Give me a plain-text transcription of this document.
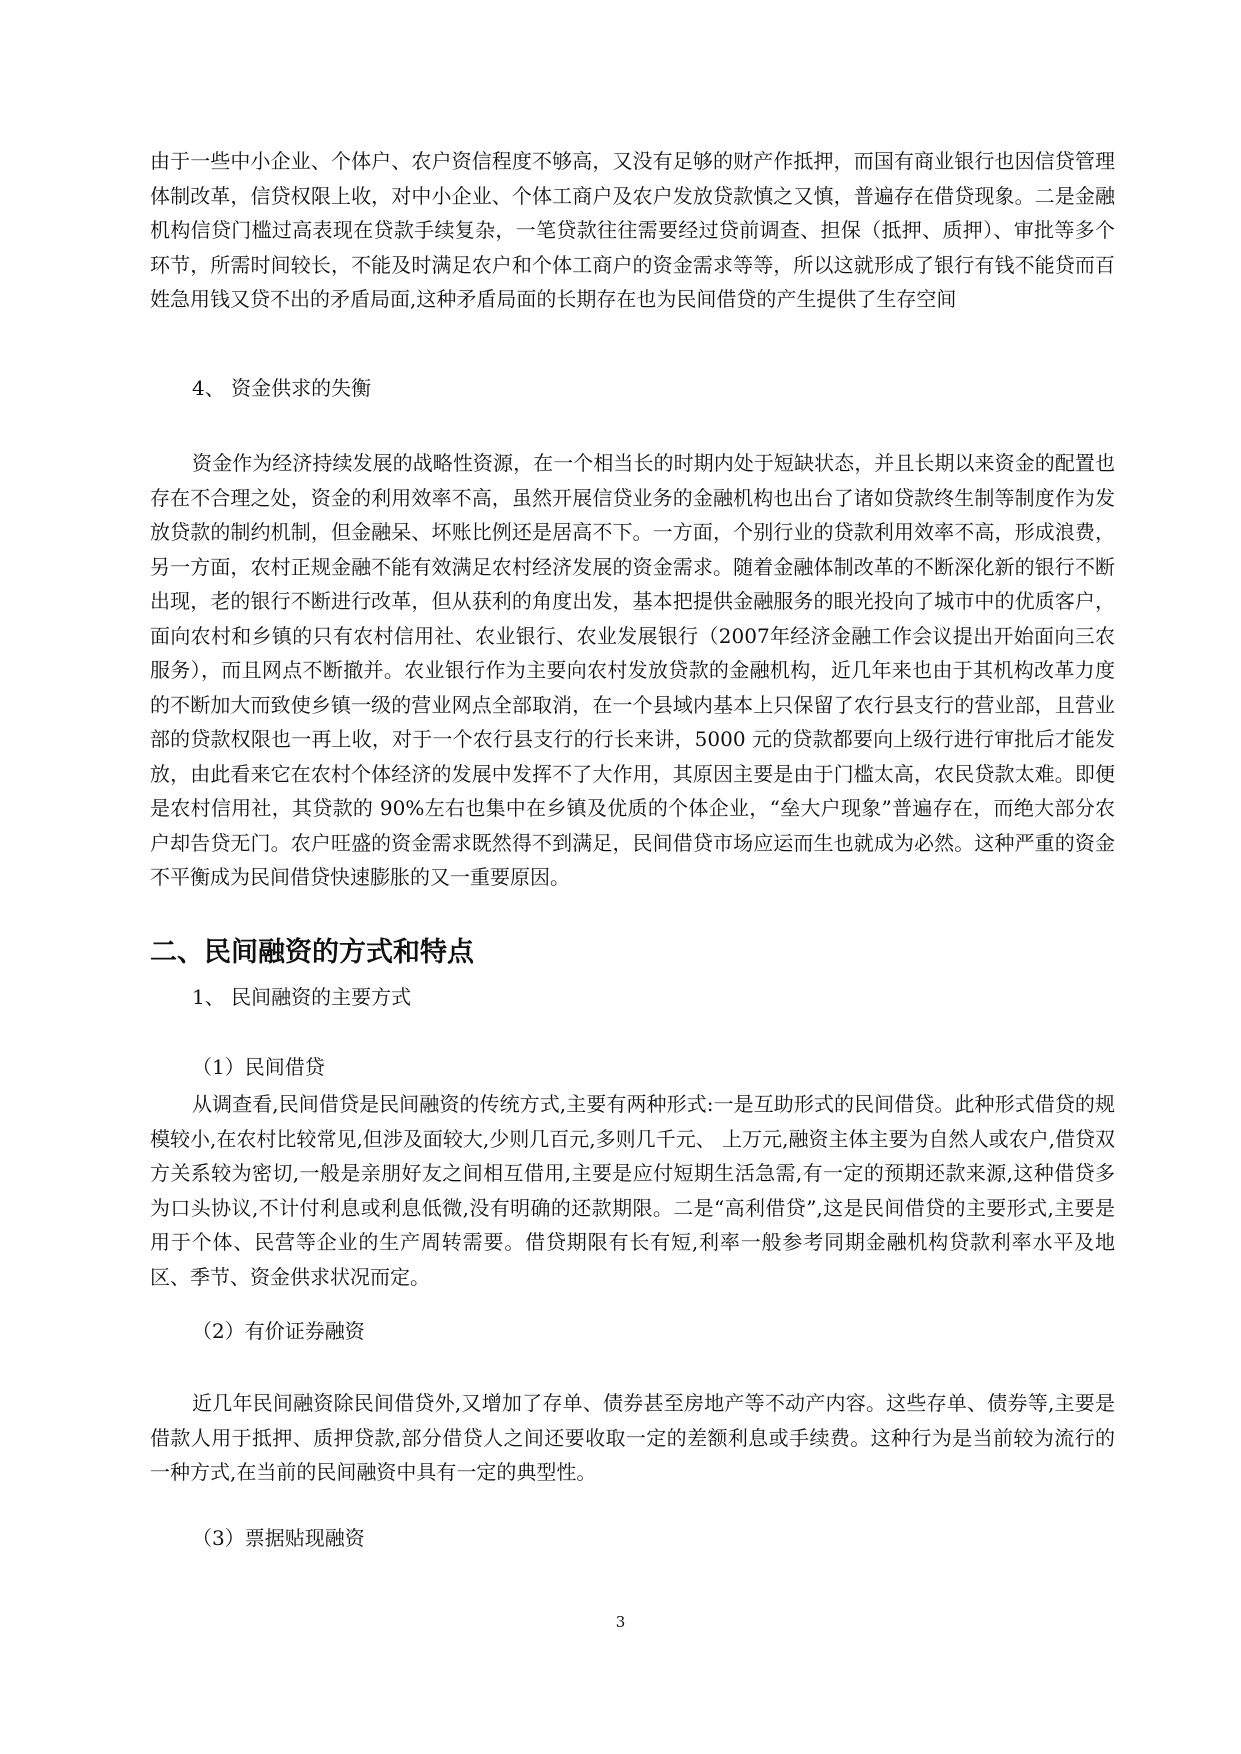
由于一些中小企业、个体户、农户资信程度不够高，又没有足够的财产作抵押，而国有商业银行也因信贷管理体制改革，信贷权限上收，对中小企业、个体工商户及农户发放贷款慎之又慎，普遍存在借贷现象。二是金融机构信贷门槛过高表现在贷款手续复杂，一笔贷款往往需要经过贷前调查、担保（抵押、质押）、审批等多个环节，所需时间较长，不能及时满足农户和个体工商户的资金需求等等，所以这就形成了银行有钱不能贷而百姓急用钱又贷不出的矛盾局面,这种矛盾局面的长期存在也为民间借贷的产生提供了生存空间

4、 资金供求的失衡

资金作为经济持续发展的战略性资源，在一个相当长的时期内处于短缺状态，并且长期以来资金的配置也存在不合理之处，资金的利用效率不高，虽然开展信贷业务的金融机构也出台了诸如贷款终生制等制度作为发放贷款的制约机制，但金融呆、坏账比例还是居高不下。一方面，个别行业的贷款利用效率不高，形成浪费，另一方面，农村正规金融不能有效满足农村经济发展的资金需求。随着金融体制改革的不断深化新的银行不断出现，老的银行不断进行改革，但从获利的角度出发，基本把提供金融服务的眼光投向了城市中的优质客户，面向农村和乡镇的只有农村信用社、农业银行、农业发展银行（2007年经济金融工作会议提出开始面向三农服务），而且网点不断撤并。农业银行作为主要向农村发放贷款的金融机构，近几年来也由于其机构改革力度的不断加大而致使乡镇一级的营业网点全部取消，在一个县域内基本上只保留了农行县支行的营业部，且营业部的贷款权限也一再上收，对于一个农行县支行的行长来讲，5000 元的贷款都要向上级行进行审批后才能发放，由此看来它在农村个体经济的发展中发挥不了大作用，其原因主要是由于门槛太高，农民贷款太难。即便是农村信用社，其贷款的 90%左右也集中在乡镇及优质的个体企业，“垒大户现象”普遍存在，而绝大部分农户却告贷无门。农户旺盛的资金需求既然得不到满足，民间借贷市场应运而生也就成为必然。这种严重的资金不平衡成为民间借贷快速膨胀的又一重要原因。

二、民间融资的方式和特点

1、 民间融资的主要方式

（1）民间借贷

从调查看,民间借贷是民间融资的传统方式,主要有两种形式:一是互助形式的民间借贷。此种形式借贷的规模较小,在农村比较常见,但涉及面较大,少则几百元,多则几千元、 上万元,融资主体主要为自然人或农户,借贷双方关系较为密切,一般是亲朋好友之间相互借用,主要是应付短期生活急需,有一定的预期还款来源,这种借贷多为口头协议,不计付利息或利息低微,没有明确的还款期限。二是“高利借贷”,这是民间借贷的主要形式,主要是用于个体、民营等企业的生产周转需要。借贷期限有长有短,利率一般参考同期金融机构贷款利率水平及地区、季节、资金供求状况而定。

（2）有价证券融资

近几年民间融资除民间借贷外,又增加了存单、债券甚至房地产等不动产内容。这些存单、债券等,主要是借款人用于抵押、质押贷款,部分借贷人之间还要收取一定的差额利息或手续费。这种行为是当前较为流行的一种方式,在当前的民间融资中具有一定的典型性。

（3）票据贴现融资

3
